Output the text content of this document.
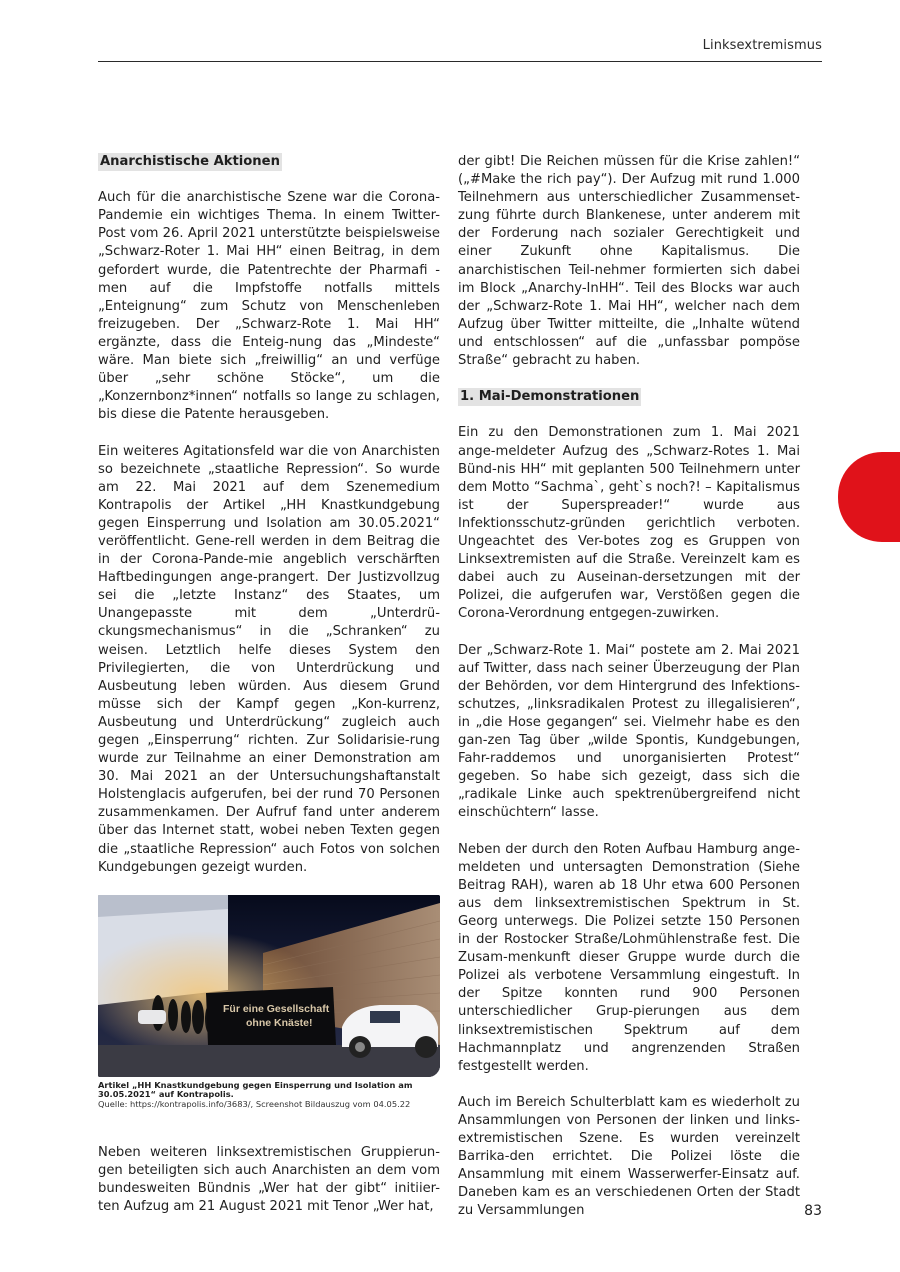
Linksextremismus
Anarchistische Aktionen

Auch für die anarchistische Szene war die Corona-Pandemie ein wichtiges Thema. In einem Twitter-Post vom 26. April 2021 unterstützte beispielsweise „Schwarz-Roter 1. Mai HH“ einen Beitrag, in dem gefordert wurde, die Patentrechte der Pharmafi - men auf die Impfstoffe notfalls mittels „Enteignung“ zum Schutz von Menschenleben freizugeben. Der „Schwarz-Rote 1. Mai HH“ ergänzte, dass die Enteig-nung das „Mindeste“ wäre. Man biete sich „freiwillig“ an und verfüge über „sehr schöne Stöcke“, um die „Konzernbonz*innen“ notfalls so lange zu schlagen, bis diese die Patente herausgeben.

Ein weiteres Agitationsfeld war die von Anarchisten so bezeichnete „staatliche Repression“. So wurde am 22. Mai 2021 auf dem Szenemedium Kontrapolis der Artikel „HH Knastkundgebung gegen Einsperrung und Isolation am 30.05.2021“ veröffentlicht. Gene-rell werden in dem Beitrag die in der Corona-Pande-mie angeblich verschärften Haftbedingungen ange-prangert. Der Justizvollzug sei die „letzte Instanz“ des Staates, um Unangepasste mit dem „Unterdrü-ckungsmechanismus“ in die „Schranken“ zu weisen. Letztlich helfe dieses System den Privilegierten, die von Unterdrückung und Ausbeutung leben würden. Aus diesem Grund müsse sich der Kampf gegen „Kon-kurrenz, Ausbeutung und Unterdrückung“ zugleich auch gegen „Einsperrung“ richten. Zur Solidarisie-rung wurde zur Teilnahme an einer Demonstration am 30. Mai 2021 an der Untersuchungshaftanstalt Holstenglacis aufgerufen, bei der rund 70 Personen zusammenkamen. Der Aufruf fand unter anderem über das Internet statt, wobei neben Texten gegen die „staatliche Repression“ auch Fotos von solchen Kundgebungen gezeigt wurden.

Für eine Gesellschaft
ohne Knäste!
Artikel „HH Knastkundgebung gegen Einsperrung und Isolation am 30.05.2021“ auf Kontrapolis.
Quelle: https://kontrapolis.info/3683/, Screenshot Bildauszug vom 04.05.22

Neben weiteren linksextremistischen Gruppierun-gen beteiligten sich auch Anarchisten an dem vom bundesweiten Bündnis „Wer hat der gibt“ initiier-ten Aufzug am 21 August 2021 mit Tenor „Wer hat,

der gibt! Die Reichen müssen für die Krise zahlen!“ („#Make the rich pay“). Der Aufzug mit rund 1.000 Teilnehmern aus unterschiedlicher Zusammenset-zung führte durch Blankenese, unter anderem mit der Forderung nach sozialer Gerechtigkeit und einer Zukunft ohne Kapitalismus. Die anarchistischen Teil-nehmer formierten sich dabei im Block „Anarchy-InHH“. Teil des Blocks war auch der „Schwarz-Rote 1. Mai HH“, welcher nach dem Aufzug über Twitter mitteilte, die „Inhalte wütend und entschlossen“ auf die „unfassbar pompöse Straße“ gebracht zu haben.

1. Mai-Demonstrationen

Ein zu den Demonstrationen zum 1. Mai 2021 ange-meldeter Aufzug des „Schwarz-Rotes 1. Mai Bünd-nis HH“ mit geplanten 500 Teilnehmern unter dem Motto “Sachma`, geht`s noch?! – Kapitalismus ist der Superspreader!“ wurde aus Infektionsschutz-gründen gerichtlich verboten. Ungeachtet des Ver-botes zog es Gruppen von Linksextremisten auf die Straße. Vereinzelt kam es dabei auch zu Auseinan-dersetzungen mit der Polizei, die aufgerufen war, Verstößen gegen die Corona-Verordnung entgegen-zuwirken.

Der „Schwarz-Rote 1. Mai“ postete am 2. Mai 2021 auf Twitter, dass nach seiner Überzeugung der Plan der Behörden, vor dem Hintergrund des Infektions-schutzes, „linksradikalen Protest zu illegalisieren“, in „die Hose gegangen“ sei. Vielmehr habe es den gan-zen Tag über „wilde Spontis, Kundgebungen, Fahr-raddemos und unorganisierten Protest“ gegeben. So habe sich gezeigt, dass sich die „radikale Linke auch spektrenübergreifend nicht einschüchtern“ lasse.

Neben der durch den Roten Aufbau Hamburg ange-meldeten und untersagten Demonstration (Siehe Beitrag RAH), waren ab 18 Uhr etwa 600 Personen aus dem linksextremistischen Spektrum in St. Georg unterwegs. Die Polizei setzte 150 Personen in der Rostocker Straße/Lohmühlenstraße fest. Die Zusam-menkunft dieser Gruppe wurde durch die Polizei als verbotene Versammlung eingestuft. In der Spitze konnten rund 900 Personen unterschiedlicher Grup-pierungen aus dem linksextremistischen Spektrum auf dem Hachmannplatz und angrenzenden Straßen festgestellt werden.

Auch im Bereich Schulterblatt kam es wiederholt zu Ansammlungen von Personen der linken und links-extremistischen Szene. Es wurden vereinzelt Barrika-den errichtet. Die Polizei löste die Ansammlung mit einem Wasserwerfer-Einsatz auf. Daneben kam es an verschiedenen Orten der Stadt zu Versammlungen	83
